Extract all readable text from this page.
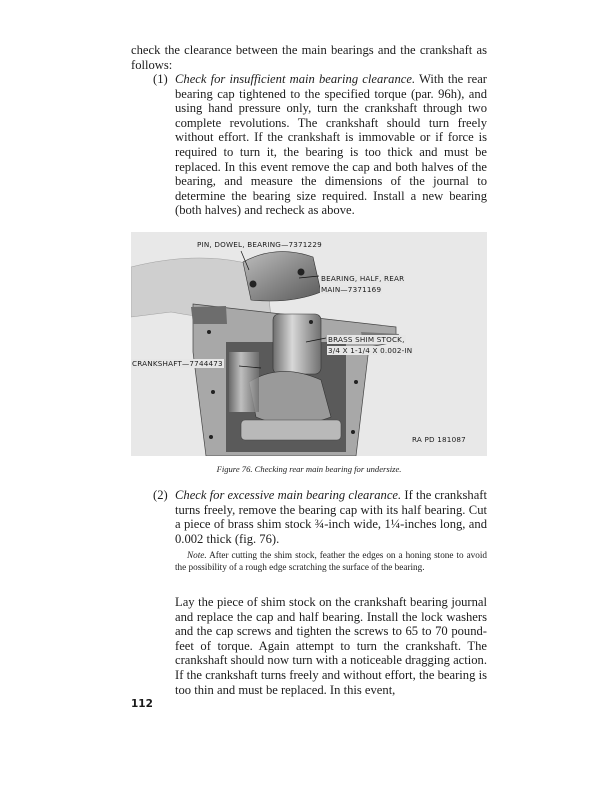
check the clearance between the main bearings and the crankshaft as follows:

(1) Check for insufficient main bearing clearance. With the rear bearing cap tightened to the specified torque (par. 96h), and using hand pressure only, turn the crankshaft through two complete revolutions. The crankshaft should turn freely without effort. If the crankshaft is immovable or if force is required to turn it, the bearing is too thick and must be replaced. In this event remove the cap and both halves of the bearing, and measure the dimensions of the journal to determine the bearing size required. Install a new bearing (both halves) and recheck as above.
PIN, DOWEL, BEARING—7371229
BEARING, HALF, REAR
MAIN—7371169
BRASS SHIM STOCK,
3/4 X 1-1/4 X 0.002-IN
CRANKSHAFT—7744473
RA PD 181087
Figure 76. Checking rear main bearing for undersize.
(2) Check for excessive main bearing clearance. If the crankshaft turns freely, remove the bearing cap with its half bearing. Cut a piece of brass shim stock ¾-inch wide, 1¼-inches long, and 0.002 thick (fig. 76).
Note. After cutting the shim stock, feather the edges on a honing stone to avoid the possibility of a rough edge scratching the surface of the bearing.
Lay the piece of shim stock on the crankshaft bearing journal and replace the cap and half bearing. Install the lock washers and the cap screws and tighten the screws to 65 to 70 pound-feet of torque. Again attempt to turn the crankshaft. The crankshaft should now turn with a noticeable dragging action. If the crankshaft turns freely and without effort, the bearing is too thin and must be replaced. In this event,
112
